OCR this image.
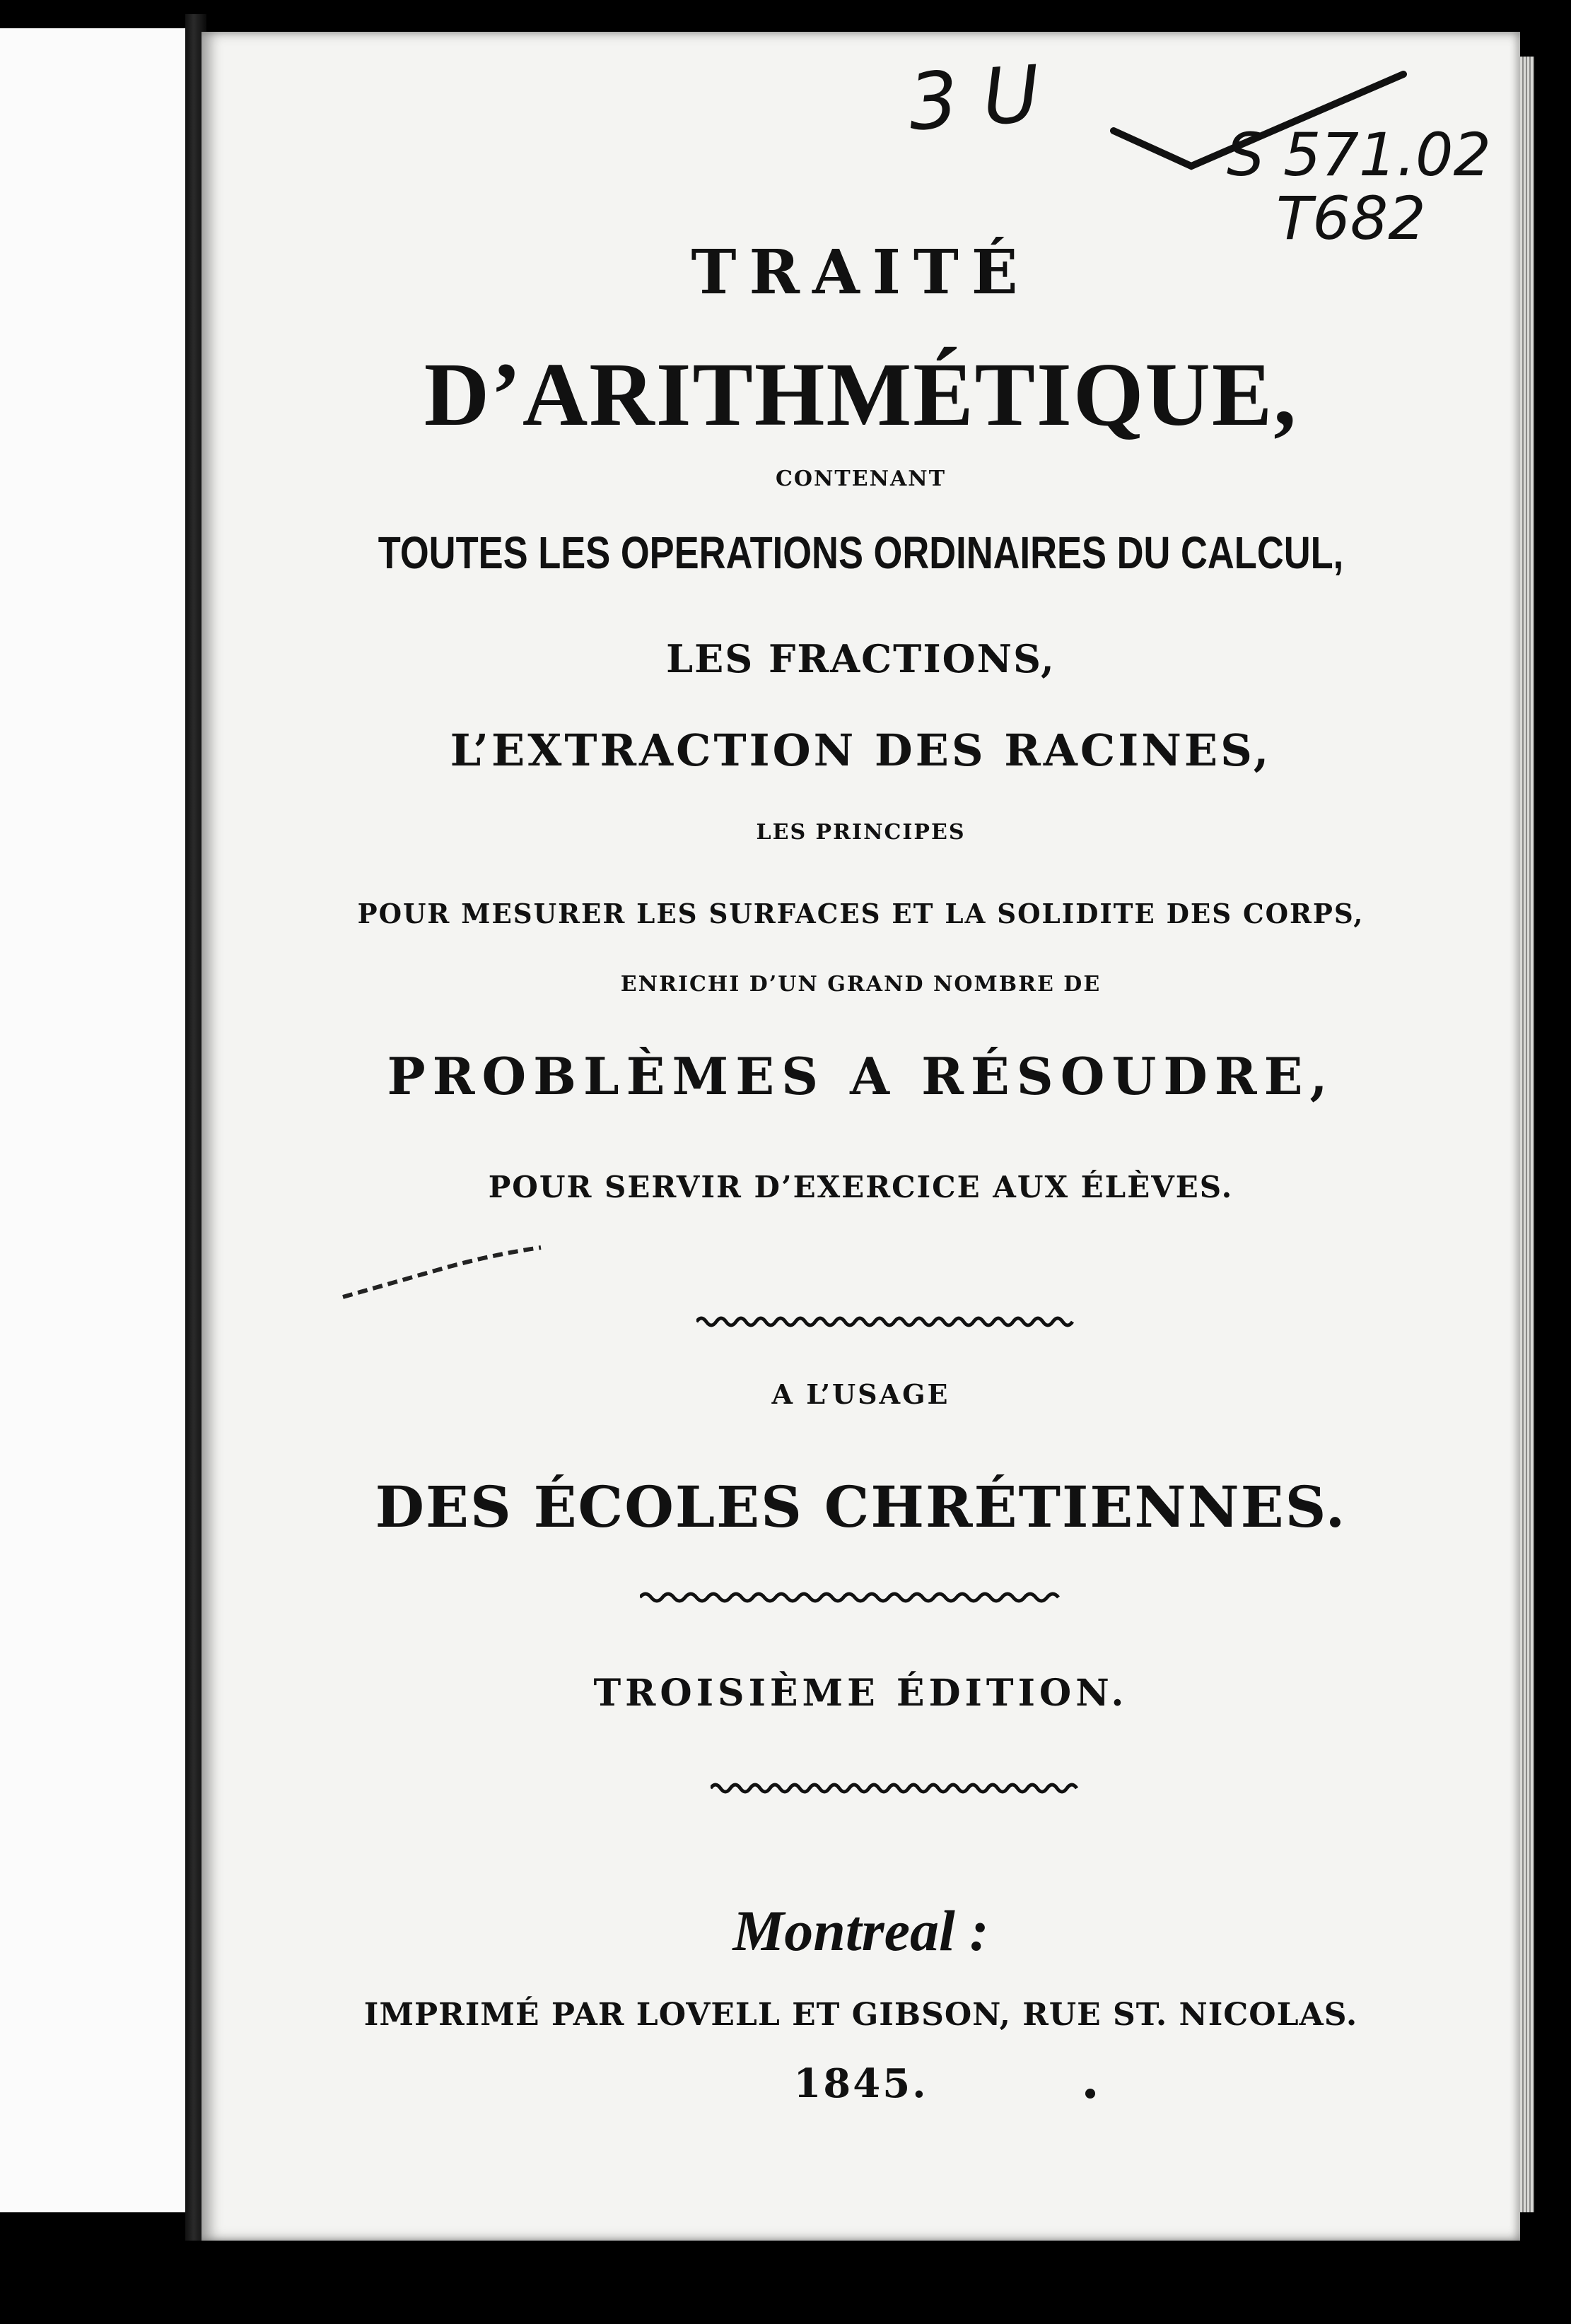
3 U
S 571.02
T682
TRAITÉ
D’ARITHMÉTIQUE,
CONTENANT
TOUTES LES OPERATIONS ORDINAIRES DU CALCUL,
LES FRACTIONS,
L’EXTRACTION DES RACINES,
LES PRINCIPES
POUR MESURER LES SURFACES ET LA SOLIDITE DES CORPS,
ENRICHI D’UN GRAND NOMBRE DE
PROBLÈMES A RÉSOUDRE,
POUR SERVIR D’EXERCICE AUX ÉLÈVES.
A L’USAGE
DES ÉCOLES CHRÉTIENNES.
TROISIÈME ÉDITION.
Montreal :
IMPRIMÉ PAR LOVELL ET GIBSON, RUE ST. NICOLAS.
1845.
